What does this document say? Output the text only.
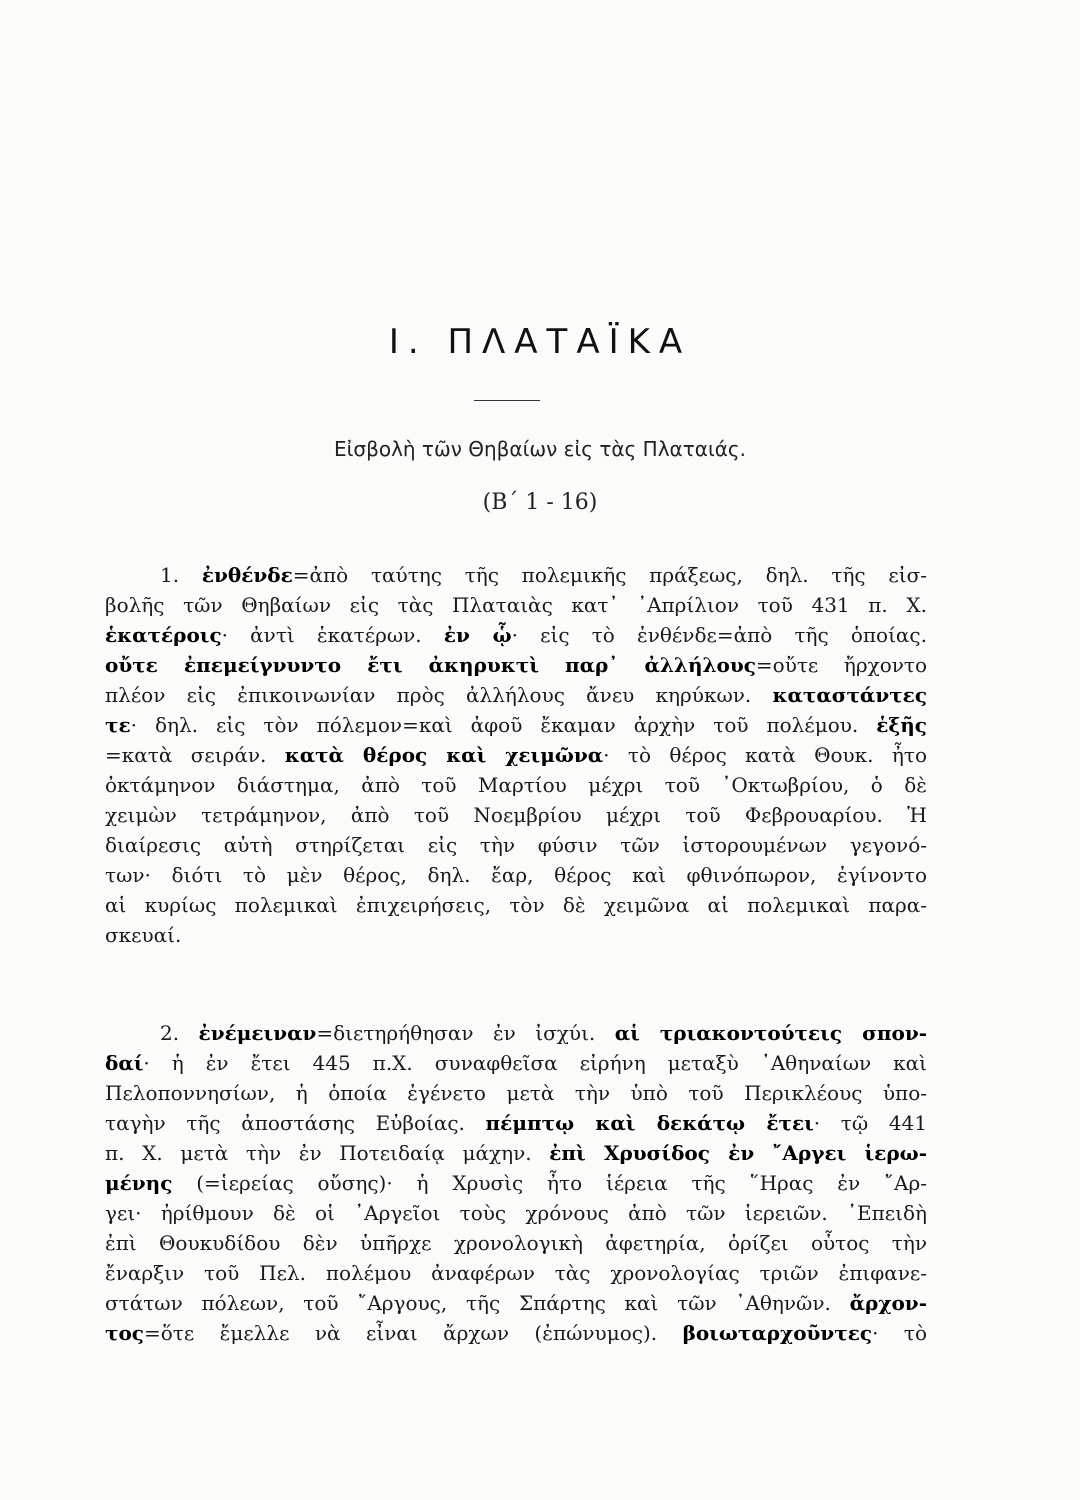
I. ΠΛΑΤΑΪΚΑ
Εἰσβολὴ τῶν Θηβαίων εἰς τὰς Πλαταιάς.
(Β΄ 1 - 16)
1. ἐνθένδε=ἀπὸ ταύτης τῆς πολεμικῆς πράξεως, δηλ. τῆς εἰσ-
βολῆς τῶν Θηβαίων εἰς τὰς Πλαταιὰς κατ᾽ ᾽Απρίλιον τοῦ 431 π. Χ.
ἑκατέροις· ἀντὶ ἑκατέρων. ἐν ᾧ· εἰς τὸ ἐνθένδε=ἀπὸ τῆς ὁποίας.
οὔτε ἐπεμείγνυντο ἔτι ἀκηρυκτὶ παρ᾽ ἀλλήλους=οὔτε ἤρχοντο
πλέον εἰς ἐπικοινωνίαν πρὸς ἀλλήλους ἄνευ κηρύκων. καταστάντες
τε· δηλ. εἰς τὸν πόλεμον=καὶ ἀφοῦ ἔκαμαν ἀρχὴν τοῦ πολέμου. ἑξῆς
=κατὰ σειράν. κατὰ θέρος καὶ χειμῶνα· τὸ θέρος κατὰ Θουκ. ἦτο
ὀκτάμηνον διάστημα, ἀπὸ τοῦ Μαρτίου μέχρι τοῦ ᾽Οκτωβρίου, ὁ δὲ
χειμὼν τετράμηνον, ἀπὸ τοῦ Νοεμβρίου μέχρι τοῦ Φεβρουαρίου. Ἡ
διαίρεσις αὐτὴ στηρίζεται εἰς τὴν φύσιν τῶν ἱστορουμένων γεγονό-
των· διότι τὸ μὲν θέρος, δηλ. ἔαρ, θέρος καὶ φθινόπωρον, ἐγίνοντο
αἱ κυρίως πολεμικαὶ ἐπιχειρήσεις, τὸν δὲ χειμῶνα αἱ πολεμικαὶ παρα-
σκευαί.
2. ἐνέμειναν=διετηρήθησαν ἐν ἰσχύι. αἱ τριακοντούτεις σπον-
δαί· ἡ ἐν ἔτει 445 π.Χ. συναφθεῖσα εἰρήνη μεταξὺ ᾽Αθηναίων καὶ
Πελοποννησίων, ἡ ὁποία ἐγένετο μετὰ τὴν ὑπὸ τοῦ Περικλέους ὑπο-
ταγὴν τῆς ἀποστάσης Εὐβοίας. πέμπτῳ καὶ δεκάτῳ ἔτει· τῷ 441
π. Χ. μετὰ τὴν ἐν Ποτειδαίᾳ μάχην. ἐπὶ Χρυσίδος ἐν ῎Αργει ἱερω-
μένης (=ἱερείας οὔσης)· ἡ Χρυσὶς ἦτο ἱέρεια τῆς ῞Ηρας ἐν ῎Αρ-
γει· ἠρίθμουν δὲ οἱ ᾽Αργεῖοι τοὺς χρόνους ἀπὸ τῶν ἱερειῶν. ᾽Επειδὴ
ἐπὶ Θουκυδίδου δὲν ὑπῆρχε χρονολογικὴ ἀφετηρία, ὁρίζει οὗτος τὴν
ἔναρξιν τοῦ Πελ. πολέμου ἀναφέρων τὰς χρονολογίας τριῶν ἐπιφανε-
στάτων πόλεων, τοῦ ῎Αργους, τῆς Σπάρτης καὶ τῶν ᾽Αθηνῶν. ἄρχον-
τος=ὅτε ἔμελλε νὰ εἶναι ἄρχων (ἐπώνυμος). βοιωταρχοῦντες· τὸ
